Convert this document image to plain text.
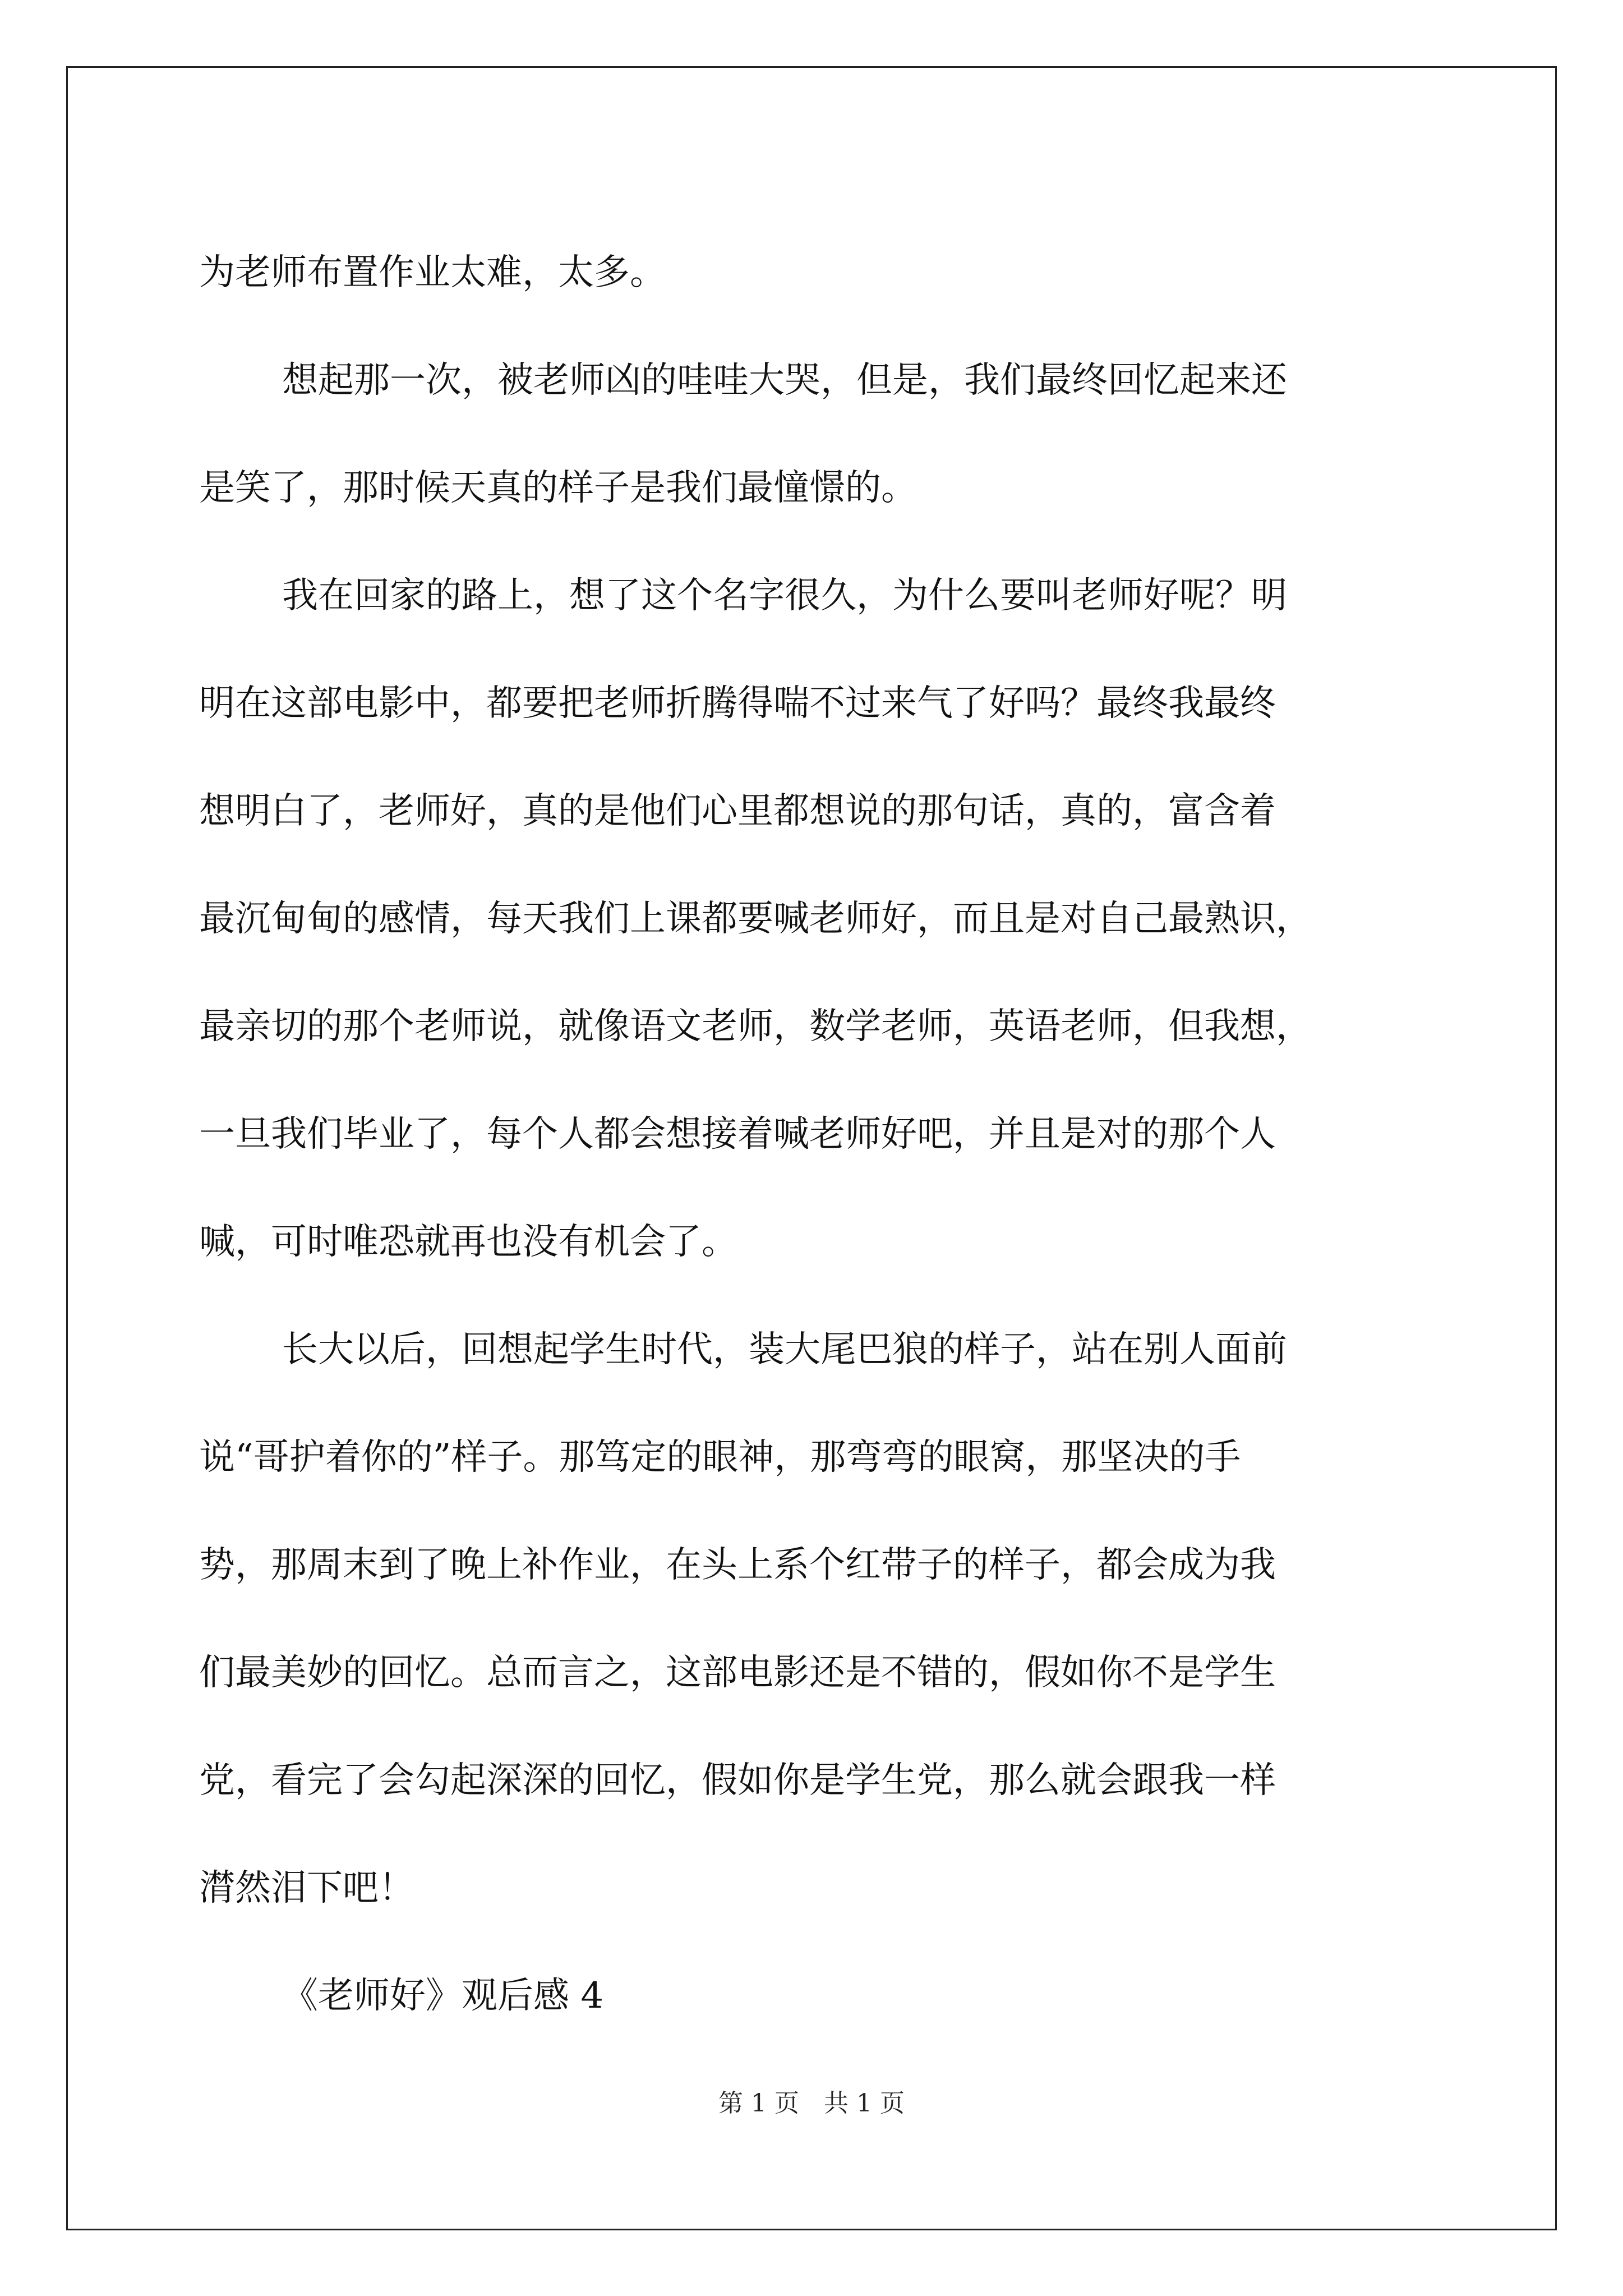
为老师布置作业太难，太多。
想起那一次，被老师凶的哇哇大哭，但是，我们最终回忆起来还
是笑了，那时候天真的样子是我们最憧憬的。
我在回家的路上，想了这个名字很久，为什么要叫老师好呢？明
明在这部电影中，都要把老师折腾得喘不过来气了好吗？最终我最终
想明白了，老师好，真的是他们心里都想说的那句话，真的，富含着
最沉甸甸的感情，每天我们上课都要喊老师好，而且是对自己最熟识，
最亲切的那个老师说，就像语文老师，数学老师，英语老师，但我想，
一旦我们毕业了，每个人都会想接着喊老师好吧，并且是对的那个人
喊，可时唯恐就再也没有机会了。
长大以后，回想起学生时代，装大尾巴狼的样子，站在别人面前
说“哥护着你的”样子。那笃定的眼神，那弯弯的眼窝，那坚决的手
势，那周末到了晚上补作业，在头上系个红带子的样子，都会成为我
们最美妙的回忆。总而言之，这部电影还是不错的，假如你不是学生
党，看完了会勾起深深的回忆，假如你是学生党，那么就会跟我一样
潸然泪下吧！
《老师好》观后感 4
第 1 页　共 1 页
